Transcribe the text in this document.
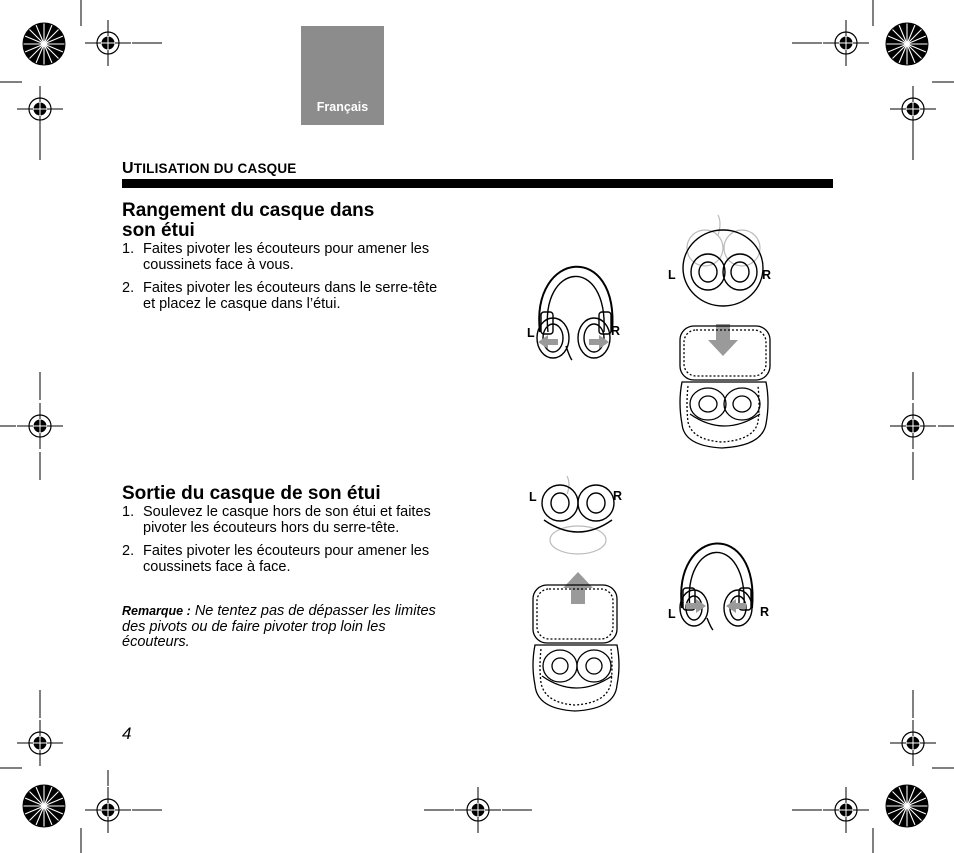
Français
UTILISATION DU CASQUE
Rangement du casque dans
son étui
1. Faites pivoter les écouteurs pour amener les
coussinets face à vous.
2. Faites pivoter les écouteurs dans le serre-tête
et placez le casque dans l’étui.
Sortie du casque de son étui
1. Soulevez le casque hors de son étui et faites
pivoter les écouteurs hors du serre-tête.
2. Faites pivoter les écouteurs pour amener les
coussinets face à face.
Remarque : Ne tentez pas de dépasser les limites
des pivots ou de faire pivoter trop loin les
écouteurs.
4
L	R
L	R
L	R
L	R
